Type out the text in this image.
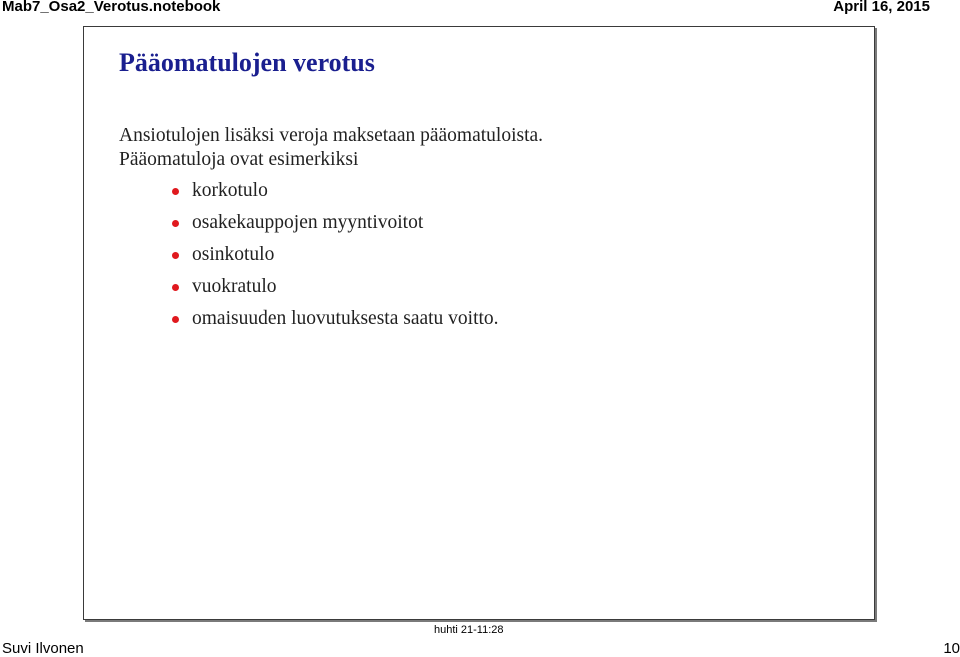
Mab7_Osa2_Verotus.notebook	April 16, 2015
Pääomatulojen verotus
Ansiotulojen lisäksi veroja maksetaan pääomatuloista.
Pääomatuloja ovat esimerkiksi
korkotulo
osakekauppojen myyntivoitot
osinkotulo
vuokratulo
omaisuuden luovutuksesta saatu voitto.
huhti 21-11:28
Suvi Ilvonen	10
